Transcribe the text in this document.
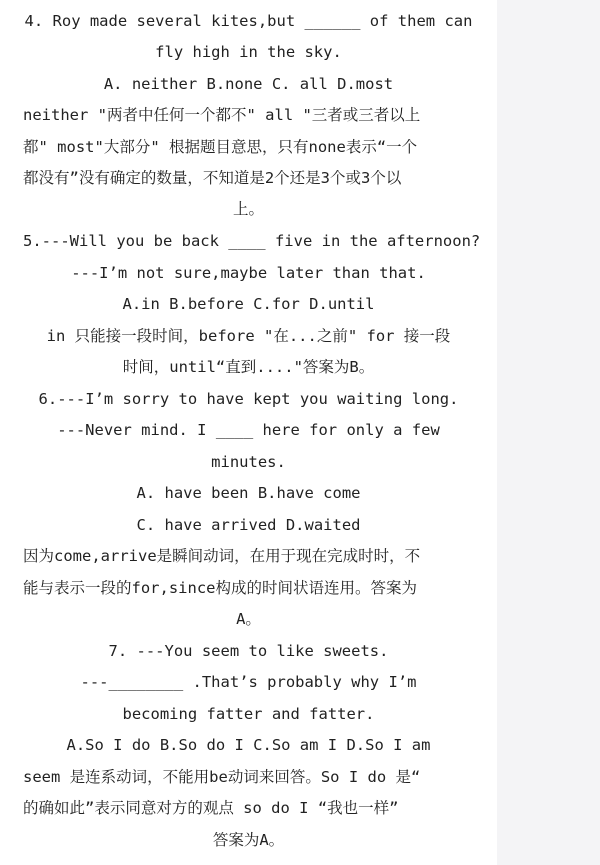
4. Roy made several kites,but ______ of them can
fly high in the sky.
A. neither B.none C. all D.most
neither "两者中任何一个都不" all "三者或三者以上
都" most"大部分" 根据题目意思，只有none表示“一个
都没有”没有确定的数量，不知道是2个还是3个或3个以
上。
5.---Will you be back ____ five in the afternoon?
---I’m not sure,maybe later than that.
A.in B.before C.for D.until
in 只能接一段时间，before "在...之前" for 接一段
时间，until“直到...."答案为B。
6.---I’m sorry to have kept you waiting long.
---Never mind. I ____ here for only a few
minutes.
A. have been B.have come
C. have arrived D.waited
因为come,arrive是瞬间动词，在用于现在完成时时，不
能与表示一段的for,since构成的时间状语连用。答案为
A。
7. ---You seem to like sweets.
---________ .That’s probably why I’m
becoming fatter and fatter.
A.So I do B.So do I C.So am I D.So I am
seem 是连系动词，不能用be动词来回答。So I do 是“
的确如此”表示同意对方的观点 so do I “我也一样”
答案为A。
